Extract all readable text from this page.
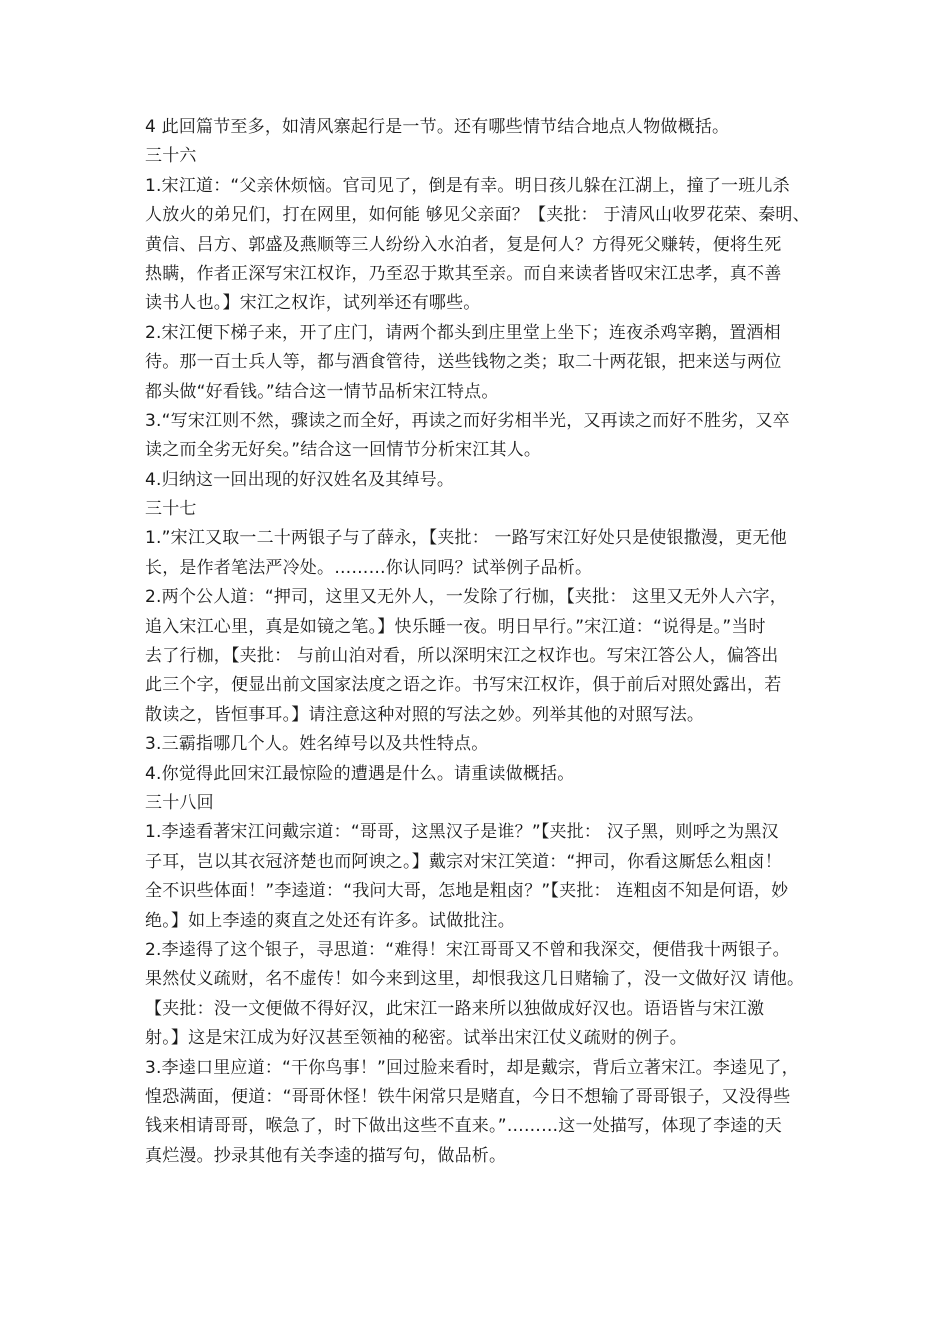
4 此回篇节至多，如清风寨起行是一节。还有哪些情节结合地点人物做概括。

三十六

1.宋江道：“父亲休烦恼。官司见了，倒是有幸。明日孩儿躲在江湖上，撞了一班儿杀

人放火的弟兄们，打在网里，如何能 够见父亲面？【夹批： 于清风山收罗花荣、秦明、

黄信、吕方、郭盛及燕顺等三人纷纷入水泊者，复是何人？方得死父赚转，便将生死

热瞒，作者正深写宋江权诈，乃至忍于欺其至亲。而自来读者皆叹宋江忠孝，真不善

读书人也。】宋江之权诈，试列举还有哪些。

2.宋江便下梯子来，开了庄门，请两个都头到庄里堂上坐下；连夜杀鸡宰鹅，置酒相

待。那一百士兵人等，都与酒食管待，送些钱物之类；取二十两花银，把来送与两位

都头做“好看钱。”结合这一情节品析宋江特点。

3.“写宋江则不然，骤读之而全好，再读之而好劣相半光，又再读之而好不胜劣，又卒

读之而全劣无好矣。”结合这一回情节分析宋江其人。

4.归纳这一回出现的好汉姓名及其绰号。

三十七

1.”宋江又取一二十两银子与了薛永，【夹批： 一路写宋江好处只是使银撒漫，更无他

长，是作者笔法严冷处。………你认同吗？试举例子品析。

2.两个公人道：“押司，这里又无外人，一发除了行枷，【夹批： 这里又无外人六字，

追入宋江心里，真是如镜之笔。】快乐睡一夜。明日早行。”宋江道：“说得是。”当时

去了行枷，【夹批： 与前山泊对看，所以深明宋江之权诈也。写宋江答公人，偏答出

此三个字，便显出前文国家法度之语之诈。书写宋江权诈，俱于前后对照处露出，若

散读之，皆恒事耳。】请注意这种对照的写法之妙。列举其他的对照写法。

3.三霸指哪几个人。姓名绰号以及共性特点。

4.你觉得此回宋江最惊险的遭遇是什么。请重读做概括。

三十八回

1.李逵看著宋江问戴宗道：“哥哥，这黑汉子是谁？”【夹批： 汉子黑，则呼之为黑汉

子耳，岂以其衣冠济楚也而阿谀之。】戴宗对宋江笑道：“押司，你看这厮恁么粗卤！

全不识些体面！”李逵道：“我问大哥，怎地是粗卤？”【夹批： 连粗卤不知是何语，妙

绝。】如上李逵的爽直之处还有许多。试做批注。

2.李逵得了这个银子，寻思道：“难得！宋江哥哥又不曾和我深交，便借我十两银子。

果然仗义疏财，名不虚传！如今来到这里，却恨我这几日赌输了，没一文做好汉 请他。

【夹批：没一文便做不得好汉，此宋江一路来所以独做成好汉也。语语皆与宋江激

射。】这是宋江成为好汉甚至领袖的秘密。试举出宋江仗义疏财的例子。

3.李逵口里应道：“干你鸟事！”回过脸来看时，却是戴宗，背后立著宋江。李逵见了，

惶恐满面，便道：“哥哥休怪！铁牛闲常只是赌直，今日不想输了哥哥银子，又没得些

钱来相请哥哥，喉急了，时下做出这些不直来。”………这一处描写，体现了李逵的天

真烂漫。抄录其他有关李逵的描写句，做品析。
